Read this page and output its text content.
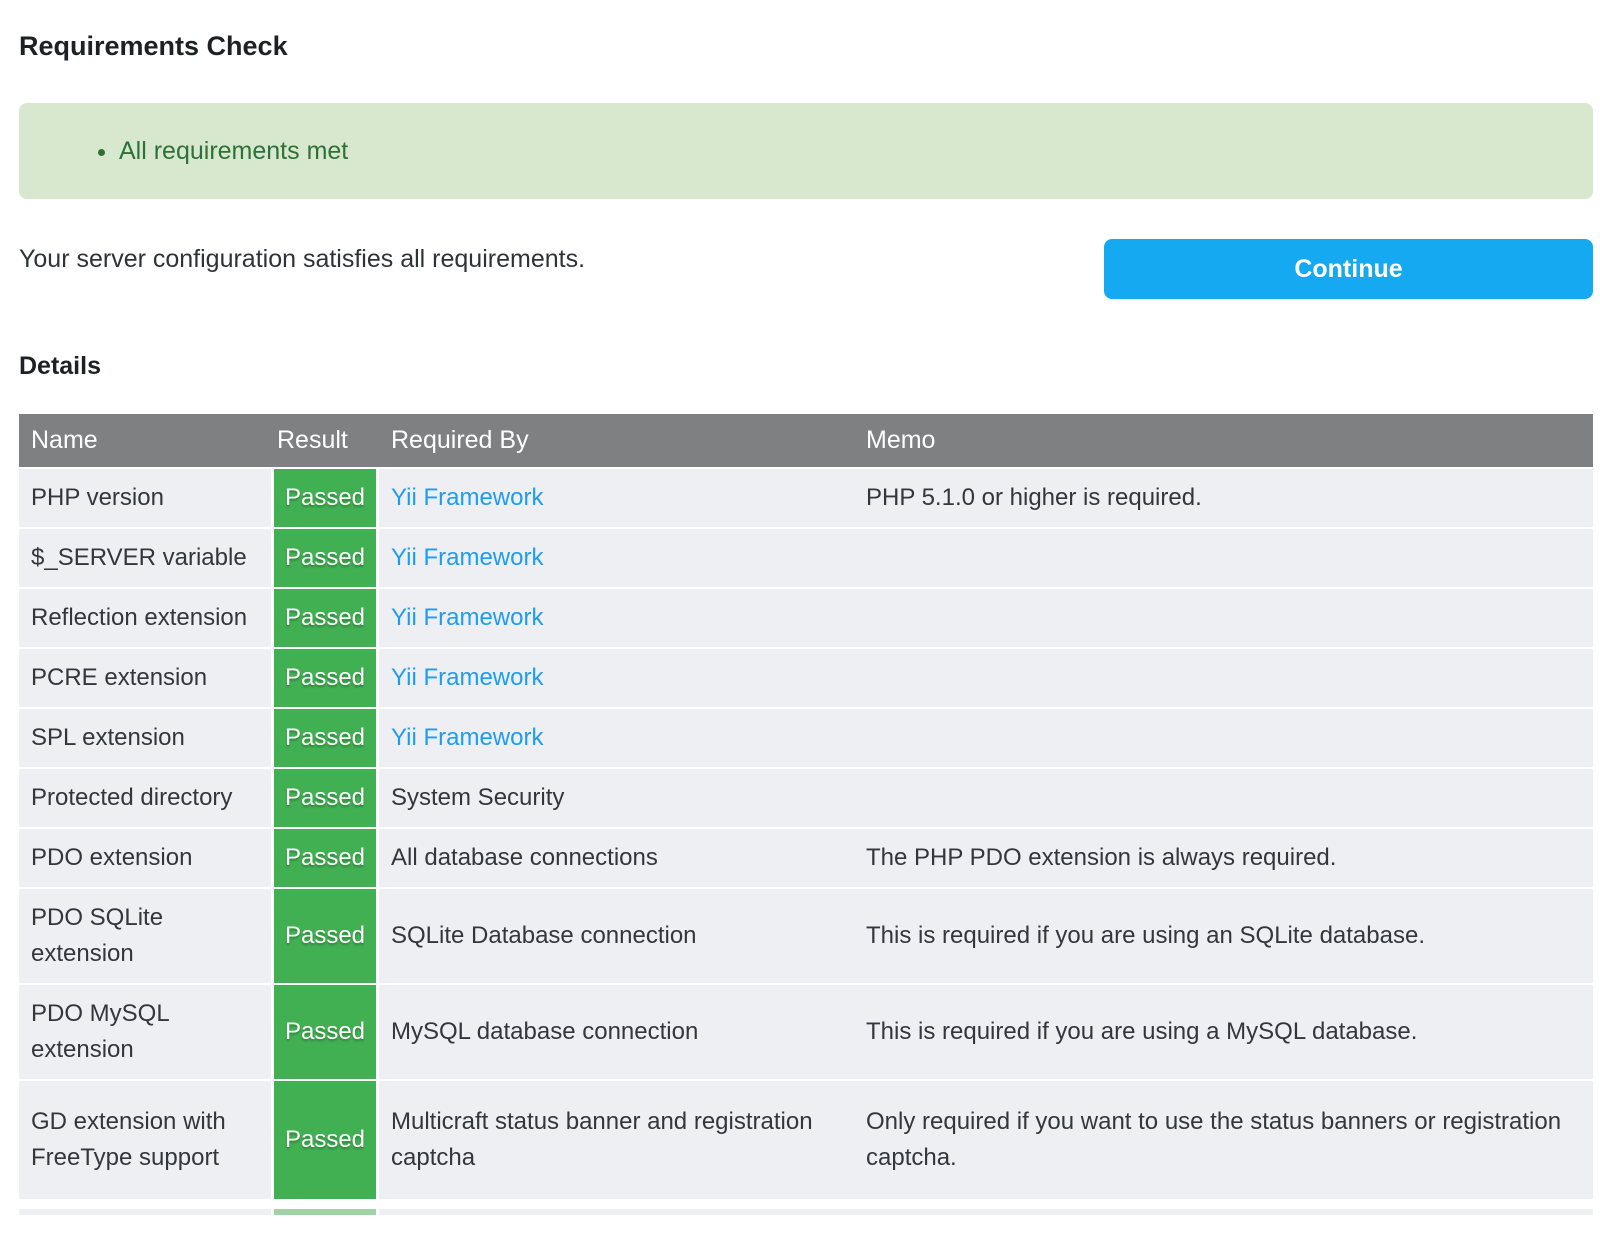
Requirements Check
• All requirements met
Your server configuration satisfies all requirements.	Continue
Details
Name	Result	Required By	Memo
PHP version	Passed	Yii Framework	PHP 5.1.0 or higher is required.
$_SERVER variable	Passed	Yii Framework	
Reflection extension	Passed	Yii Framework	
PCRE extension	Passed	Yii Framework	
SPL extension	Passed	Yii Framework	
Protected directory	Passed	System Security	
PDO extension	Passed	All database connections	The PHP PDO extension is always required.
PDO SQLite extension	Passed	SQLite Database connection	This is required if you are using an SQLite database.
PDO MySQL extension	Passed	MySQL database connection	This is required if you are using a MySQL database.
GD extension with FreeType support	Passed	Multicraft status banner and registration captcha	Only required if you want to use the status banners or registration captcha.
